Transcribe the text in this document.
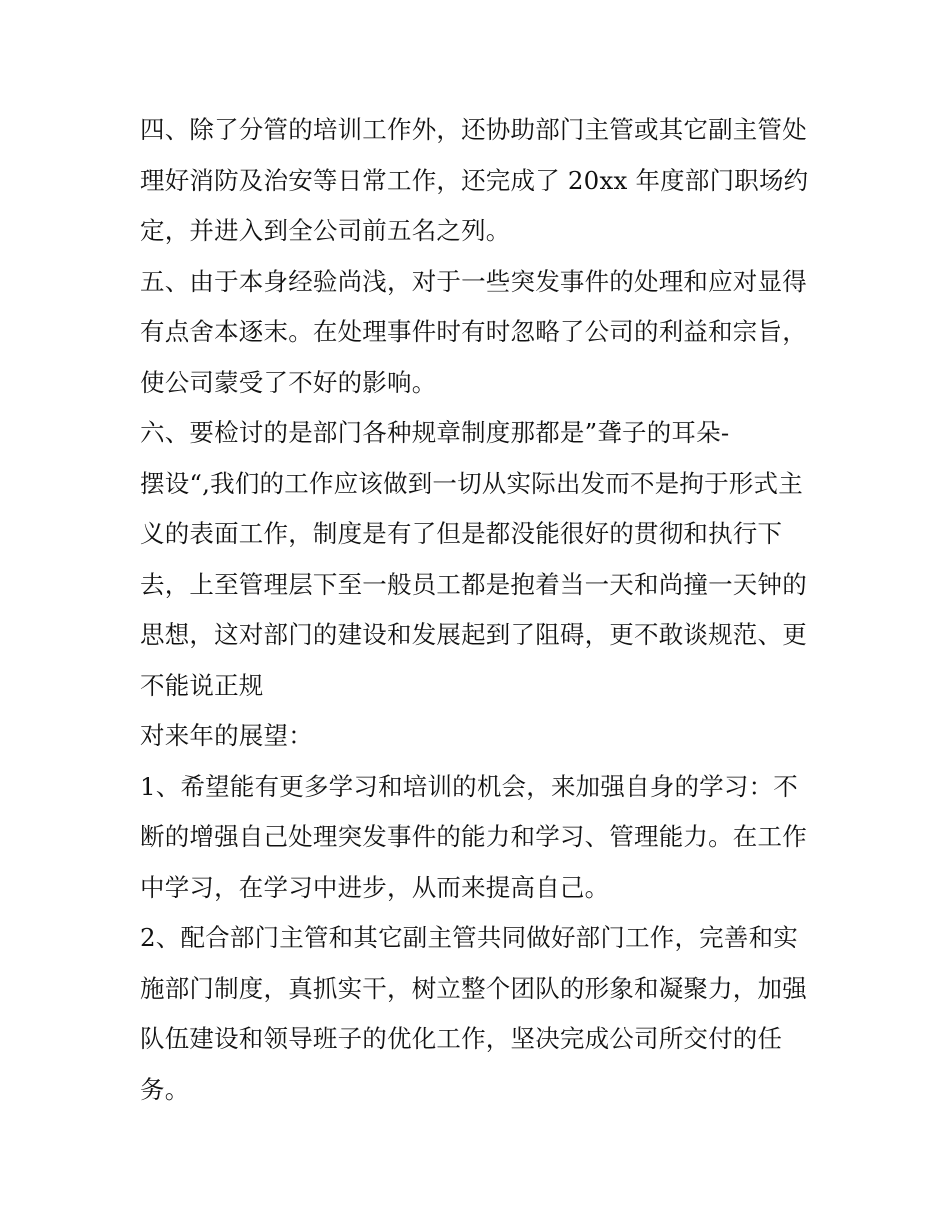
四、除了分管的培训工作外，还协助部门主管或其它副主管处
理好消防及治安等日常工作，还完成了 20xx 年度部门职场约
定，并进入到全公司前五名之列。

五、由于本身经验尚浅，对于一些突发事件的处理和应对显得
有点舍本逐末。在处理事件时有时忽略了公司的利益和宗旨，
使公司蒙受了不好的影响。

六、要检讨的是部门各种规章制度那都是”聋子的耳朵-
摆设“,我们的工作应该做到一切从实际出发而不是拘于形式主
义的表面工作，制度是有了但是都没能很好的贯彻和执行下
去，上至管理层下至一般员工都是抱着当一天和尚撞一天钟的
思想，这对部门的建设和发展起到了阻碍，更不敢谈规范、更
不能说正规

对来年的展望：

1、希望能有更多学习和培训的机会，来加强自身的学习：不
断的增强自己处理突发事件的能力和学习、管理能力。在工作
中学习，在学习中进步，从而来提高自己。

2、配合部门主管和其它副主管共同做好部门工作，完善和实
施部门制度，真抓实干，树立整个团队的形象和凝聚力，加强
队伍建设和领导班子的优化工作，坚决完成公司所交付的任
务。
